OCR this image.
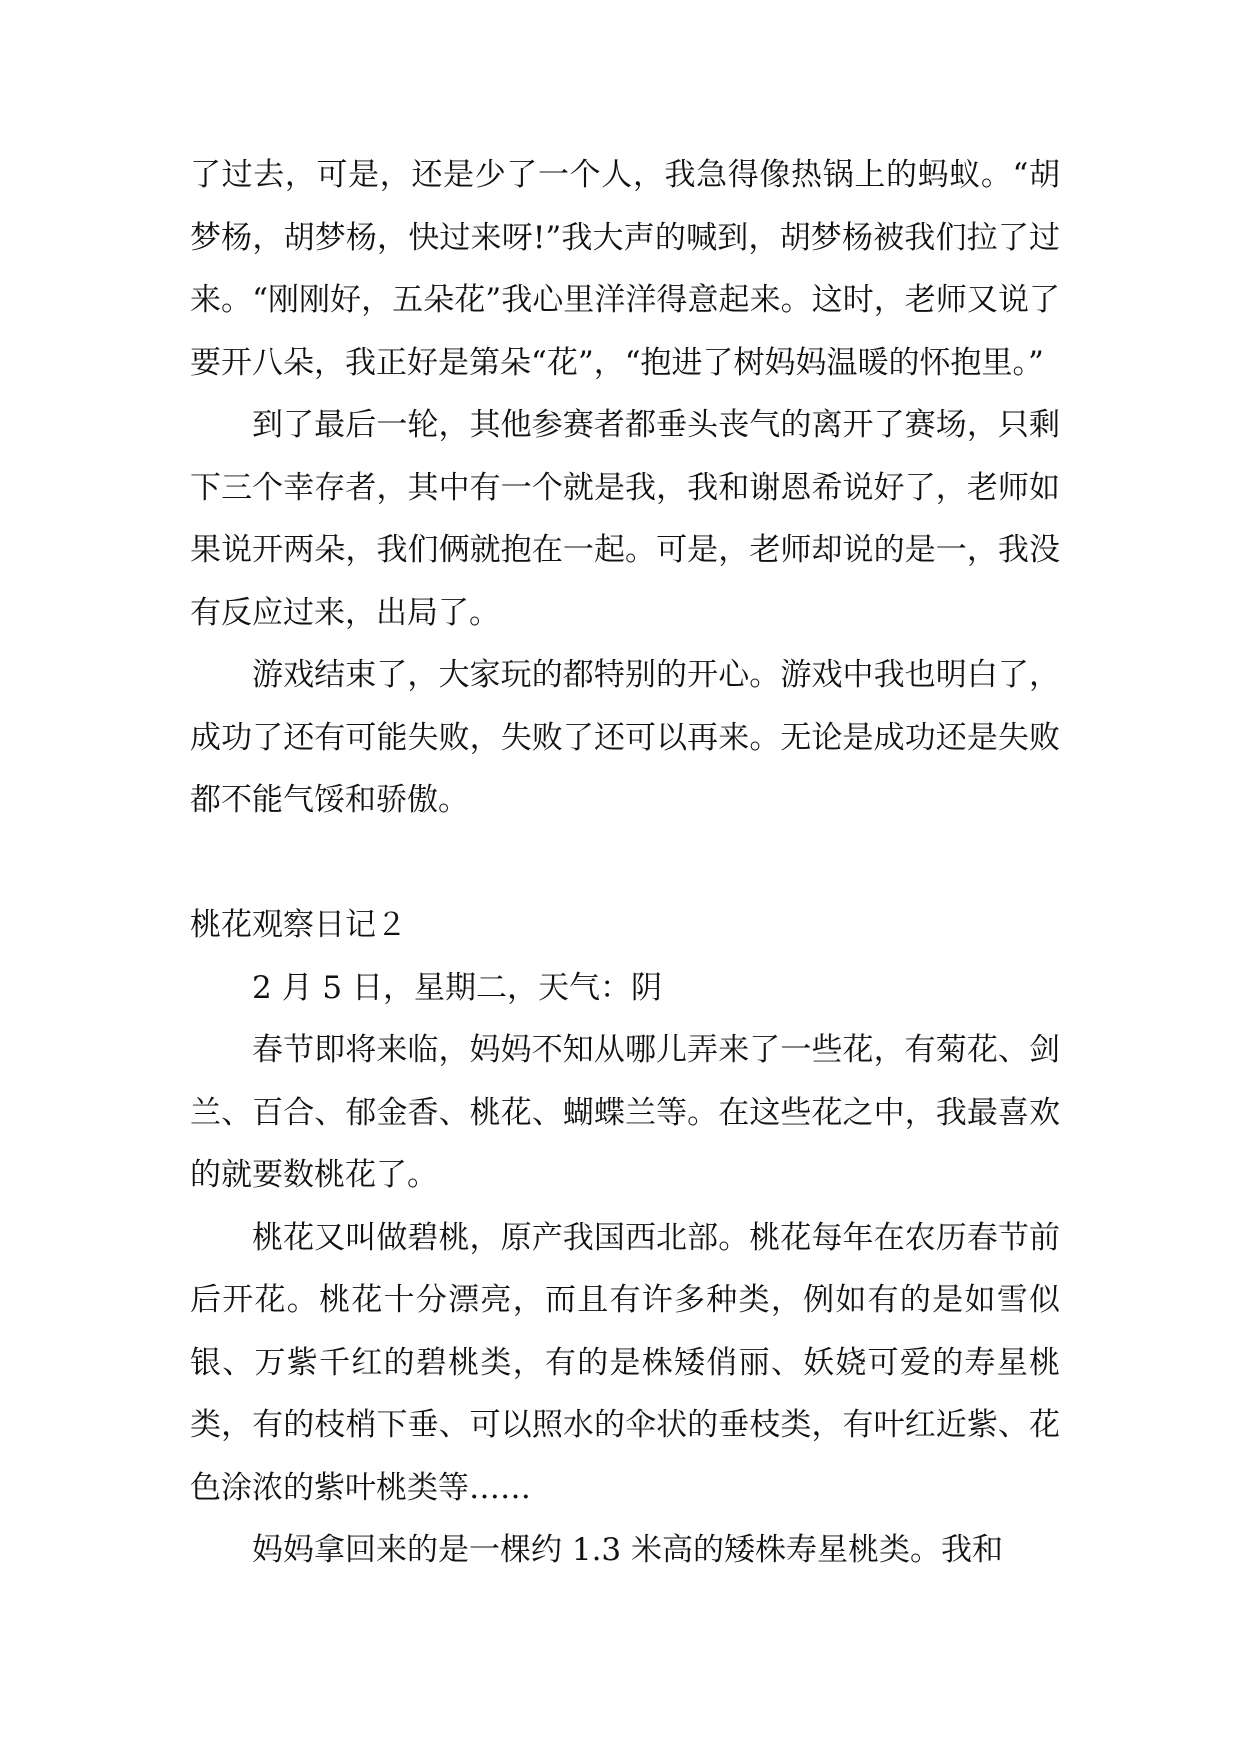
了过去，可是，还是少了一个人，我急得像热锅上的蚂蚁。“胡梦杨，胡梦杨，快过来呀!”我大声的喊到，胡梦杨被我们拉了过来。“刚刚好，五朵花”我心里洋洋得意起来。这时，老师又说了要开八朵，我正好是第朵“花”，“抱进了树妈妈温暖的怀抱里。”

到了最后一轮，其他参赛者都垂头丧气的离开了赛场，只剩下三个幸存者，其中有一个就是我，我和谢恩希说好了，老师如果说开两朵，我们俩就抱在一起。可是，老师却说的是一，我没有反应过来，出局了。

游戏结束了，大家玩的都特别的开心。游戏中我也明白了，成功了还有可能失败，失败了还可以再来。无论是成功还是失败都不能气馁和骄傲。

桃花观察日记２

2 月 5 日，星期二，天气：阴

春节即将来临，妈妈不知从哪儿弄来了一些花，有菊花、剑兰、百合、郁金香、桃花、蝴蝶兰等。在这些花之中，我最喜欢的就要数桃花了。

桃花又叫做碧桃，原产我国西北部。桃花每年在农历春节前后开花。桃花十分漂亮，而且有许多种类，例如有的是如雪似银、万紫千红的碧桃类，有的是株矮俏丽、妖娆可爱的寿星桃类，有的枝梢下垂、可以照水的伞状的垂枝类，有叶红近紫、花色涂浓的紫叶桃类等……

妈妈拿回来的是一棵约 1.3 米高的矮株寿星桃类。我和
